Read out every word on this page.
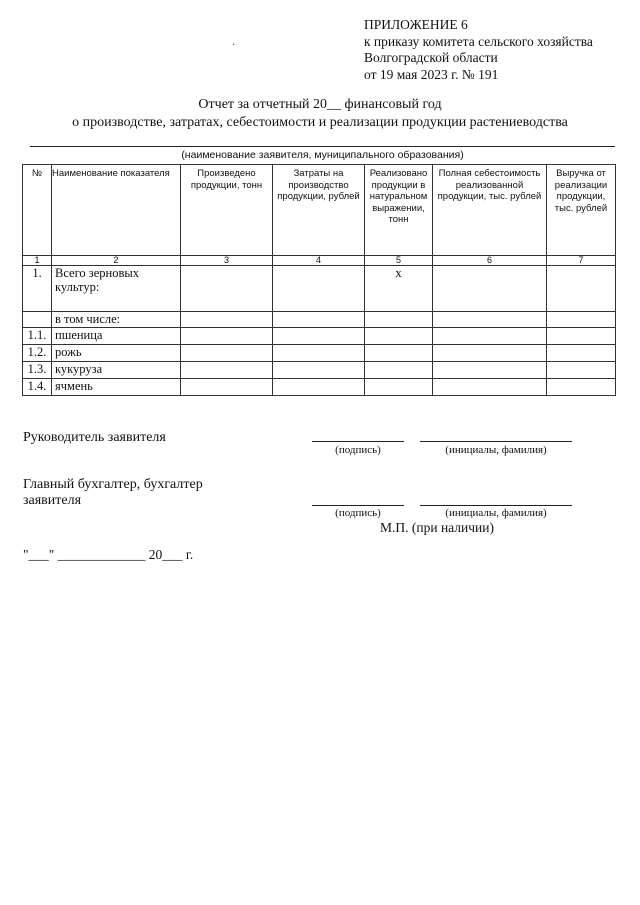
ПРИЛОЖЕНИЕ 6
к приказу комитета сельского хозяйства
Волгоградской области
от 19 мая 2023 г. № 191
·
Отчет за отчетный 20__ финансовый год
о производстве, затратах, себестоимости и реализации продукции растениеводства
(наименование заявителя, муниципального образования)
№	Наименование показателя	Произведено продукции, тонн	Затраты на производство продукции, рублей	Реализовано продукции в натуральном выражении, тонн	Полная себестоимость реализованной продукции, тыс. рублей	Выручка от реализации продукции, тыс. рублей
1	2	3	4	5	6	7
1.	Всего зерновых культур:			x		
	в том числе:					
1.1.	пшеница					
1.2.	рожь					
1.3.	кукуруза					
1.4.	ячмень					
Руководитель заявителя
(подпись)	(инициалы, фамилия)
Главный бухгалтер, бухгалтер
заявителя
(подпись)	(инициалы, фамилия)
М.П. (при наличии)
"___" _____________ 20___ г.
